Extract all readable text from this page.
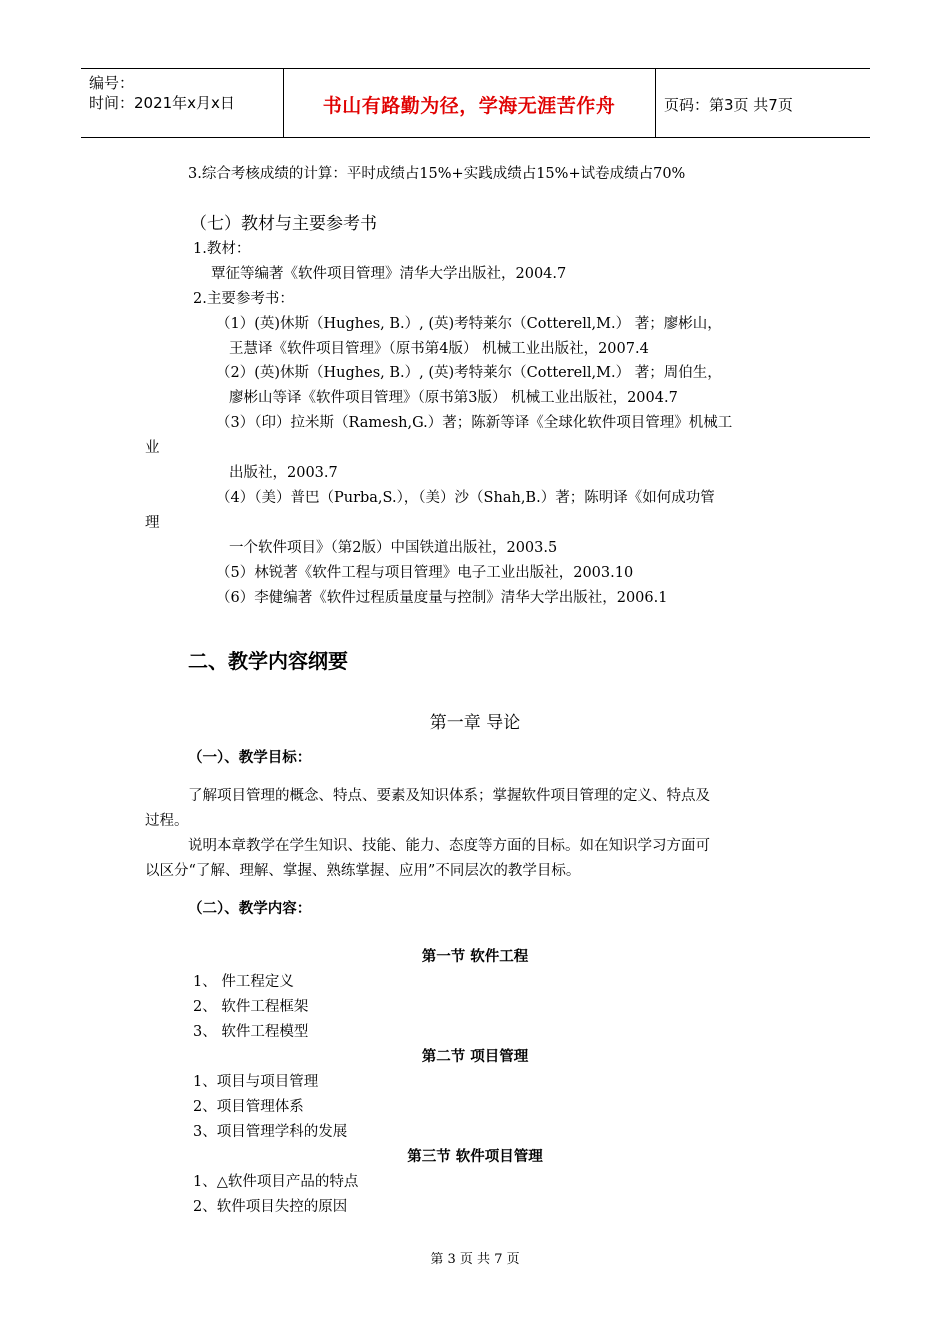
编号：
时间：2021年x月x日	书山有路勤为径，学海无涯苦作舟	页码：第3页 共7页
3.综合考核成绩的计算：平时成绩占15%+实践成绩占15%+试卷成绩占70%
（七）教材与主要参考书
1.教材：
覃征等编著《软件项目管理》清华大学出版社，2004.7
2.主要参考书：
（1）(英)休斯（Hughes, B.）, (英)考特莱尔（Cotterell,M.） 著；廖彬山，
王慧译《软件项目管理》（原书第4版） 机械工业出版社，2007.4
（2）(英)休斯（Hughes, B.）, (英)考特莱尔（Cotterell,M.） 著；周伯生，
廖彬山等译《软件项目管理》（原书第3版） 机械工业出版社，2004.7
（3）（印）拉米斯（Ramesh,G.）著；陈新等译《全球化软件项目管理》机械工
业
出版社，2003.7
（4）（美）普巴（Purba,S.），（美）沙（Shah,B.）著；陈明译《如何成功管
理
一个软件项目》（第2版）中国铁道出版社，2003.5
（5）林锐著《软件工程与项目管理》电子工业出版社，2003.10
（6）李健编著《软件过程质量度量与控制》清华大学出版社，2006.1
二、教学内容纲要
第一章 导论
（一）、教学目标：
了解项目管理的概念、特点、要素及知识体系；掌握软件项目管理的定义、特点及
过程。
说明本章教学在学生知识、技能、能力、态度等方面的目标。如在知识学习方面可
以区分“了解、理解、掌握、熟练掌握、应用”不同层次的教学目标。
（二）、教学内容：
第一节 软件工程
1、 件工程定义
2、 软件工程框架
3、 软件工程模型
第二节 项目管理
1、项目与项目管理
2、项目管理体系
3、项目管理学科的发展
第三节 软件项目管理
1、△软件项目产品的特点
2、软件项目失控的原因
第 3 页 共 7 页
